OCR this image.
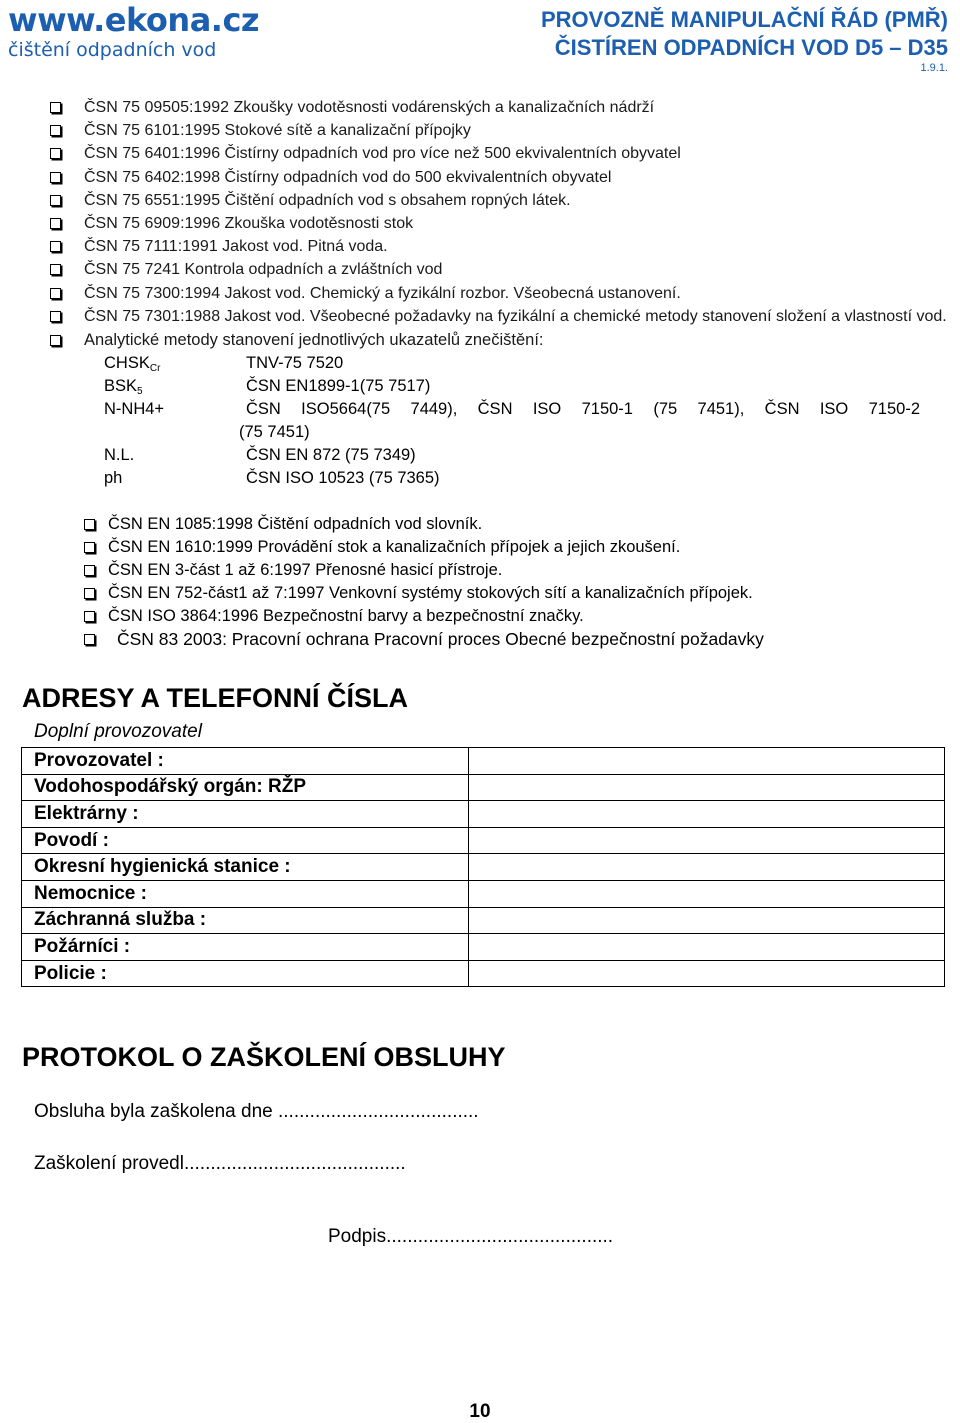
www.ekona.cz
čištění odpadních vod
PROVOZNĚ MANIPULAČNÍ ŘÁD (PMŘ)
ČISTÍREN ODPADNÍCH VOD D5 – D35
1.9.1.
ČSN 75 09505:1992 Zkoušky vodotěsnosti vodárenských a kanalizačních nádrží
ČSN 75 6101:1995 Stokové sítě a kanalizační přípojky
ČSN 75 6401:1996 Čistírny odpadních vod pro více než 500 ekvivalentních obyvatel
ČSN 75 6402:1998 Čistírny odpadních vod do 500 ekvivalentních obyvatel
ČSN 75 6551:1995 Čištění odpadních vod s obsahem ropných látek.
ČSN 75 6909:1996 Zkouška vodotěsnosti stok
ČSN 75 7111:1991 Jakost vod. Pitná voda.
ČSN 75 7241 Kontrola odpadních a zvláštních vod
ČSN 75 7300:1994 Jakost vod. Chemický a fyzikální rozbor. Všeobecná ustanovení.
ČSN 75 7301:1988 Jakost vod. Všeobecné požadavky na fyzikální a chemické metody stanovení složení a vlastností vod.
Analytické metody stanovení jednotlivých ukazatelů znečištění:
$CHSK_{Cr}$	TNV-75 7520
$BSK_5$	ČSN EN1899-1(75 7517)
N-NH4+	ČSN ISO5664(75 7449), ČSN ISO 7150-1 (75 7451), ČSN ISO 7150-2
(75 7451)
N.L.	ČSN EN 872 (75 7349)
ph	ČSN ISO 10523 (75 7365)
ČSN EN 1085:1998 Čištění odpadních vod slovník.
ČSN EN 1610:1999 Provádění stok a kanalizačních přípojek a jejich zkoušení.
ČSN EN 3-část 1 až 6:1997 Přenosné hasicí přístroje.
ČSN EN 752-část1 až 7:1997 Venkovní systémy stokových sítí a kanalizačních přípojek.
ČSN ISO 3864:1996 Bezpečnostní barvy a bezpečnostní značky.
ČSN 83 2003: Pracovní ochrana Pracovní proces Obecné bezpečnostní požadavky
ADRESY A TELEFONNÍ ČÍSLA
Doplní provozovatel
Provozovatel :	
Vodohospodářský orgán: RŽP	
Elektrárny :	
Povodí :	
Okresní hygienická stanice :	
Nemocnice :	
Záchranná služba :	
Požárníci :	
Policie :	
PROTOKOL O ZAŠKOLENÍ OBSLUHY
Obsluha byla zaškolena dne ......................................
Zaškolení provedl..........................................
Podpis...........................................
10
